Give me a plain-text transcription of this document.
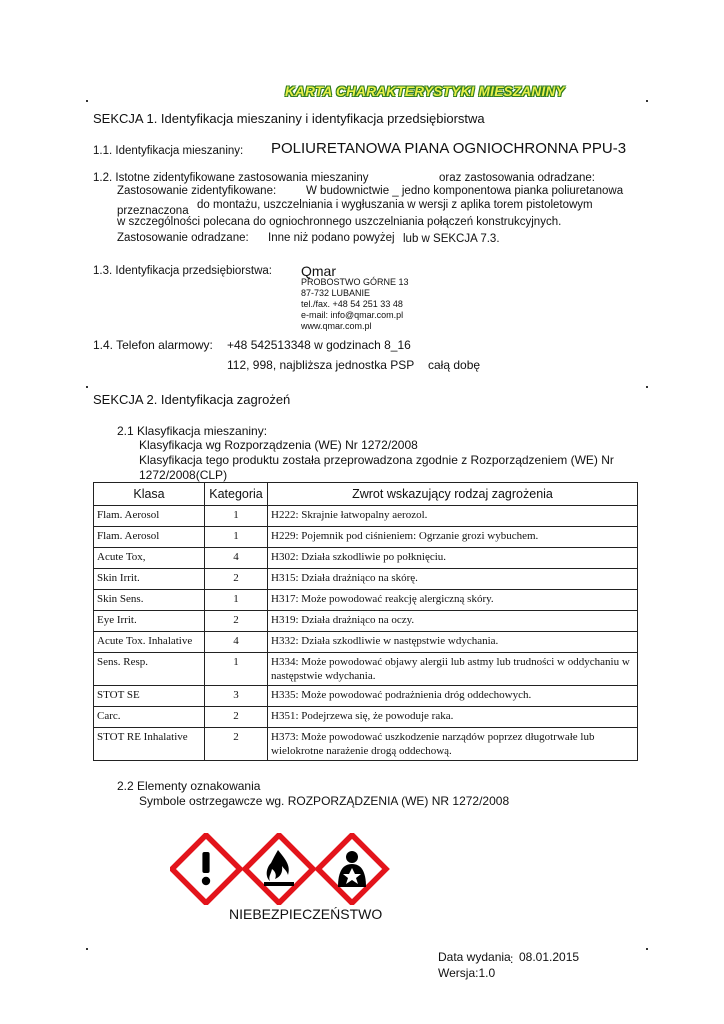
KARTA CHARAKTERYSTYKI MIESZANINY
SEKCJA 1. Identyfikacja mieszaniny i identyfikacja przedsiębiorstwa
1.1. Identyfikacja mieszaniny: POLIURETANOWA PIANA OGNIOCHRONNA PPU-3
1.2. Istotne zidentyfikowane zastosowania mieszaniny	oraz zastosowania odradzane:
Zastosowanie zidentyfikowane:	W budownictwie _ jedno komponentowa pianka poliuretanowa
przeznaczona do montażu, uszczelniania i wygłuszania w wersji z aplika torem pistoletowym
w szczególności polecana do ogniochronnego uszczelniania połączeń konstrukcyjnych.
Zastosowanie odradzane: Inne niż podano powyżej lub w SEKCJA 7.3.
1.3. Identyfikacja przedsiębiorstwa: Qmar
PROBOSTWO GÓRNE 13
87-732 LUBANIE
tel./fax. +48 54 251 33 48
e-mail: info@qmar.com.pl
www.qmar.com.pl
1.4. Telefon alarmowy: +48 542513348 w godzinach 8_16
112, 998, najbliższa jednostka PSP całą dobę
SEKCJA 2. Identyfikacja zagrożeń
2.1 Klasyfikacja mieszaniny:
Klasyfikacja wg Rozporządzenia (WE) Nr 1272/2008
Klasyfikacja tego produktu została przeprowadzona zgodnie z Rozporządzeniem (WE) Nr
1272/2008(CLP)
Klasa	Kategoria	Zwrot wskazujący rodzaj zagrożenia
Flam. Aerosol	1	H222: Skrajnie łatwopalny aerozol.
Flam. Aerosol	1	H229: Pojemnik pod ciśnieniem: Ogrzanie grozi wybuchem.
Acute Tox,	4	H302: Działa szkodliwie po połknięciu.
Skin Irrit.	2	H315: Działa drażniąco na skórę.
Skin Sens.	1	H317: Może powodować reakcję alergiczną skóry.
Eye Irrit.	2	H319: Działa drażniąco na oczy.
Acute Tox. Inhalative	4	H332: Działa szkodliwie w następstwie wdychania.
Sens. Resp.	1	H334: Może powodować objawy alergii lub astmy lub trudności w oddychaniu w następstwie wdychania.
STOT SE	3	H335: Może powodować podrażnienia dróg oddechowych.
Carc.	2	H351: Podejrzewa się, że powoduje raka.
STOT RE Inhalative	2	H373: Może powodować uszkodzenie narządów poprzez długotrwałe lub wielokrotne narażenie drogą oddechową.
2.2 Elementy oznakowania
Symbole ostrzegawcze wg. ROZPORZĄDZENIA (WE) NR 1272/2008
NIEBEZPIECZEŃSTWO
Data wydania : 08.01.2015
Wersja:1.0
